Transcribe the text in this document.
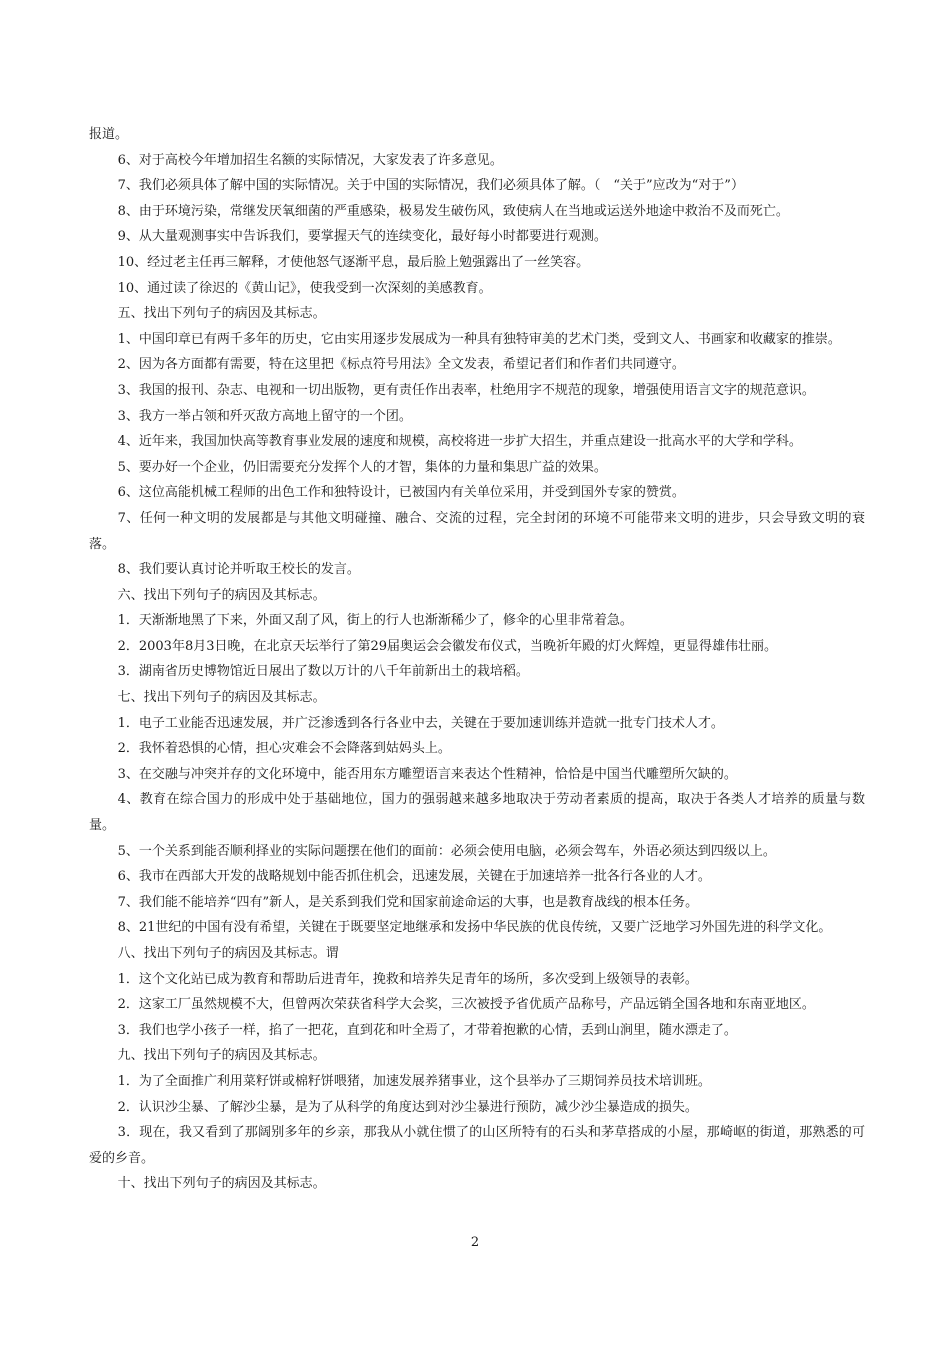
报道。

6、对于高校今年增加招生名额的实际情况，大家发表了许多意见。

7、我们必须具体了解中国的实际情况。关于中国的实际情况，我们必须具体了解。（　“关于”应改为“对于”）

8、由于环境污染，常继发厌氧细菌的严重感染，极易发生破伤风，致使病人在当地或运送外地途中救治不及而死亡。

9、从大量观测事实中告诉我们，要掌握天气的连续变化，最好每小时都要进行观测。

10、经过老主任再三解释，才使他怒气逐渐平息，最后脸上勉强露出了一丝笑容。

10、通过读了徐迟的《黄山记》，使我受到一次深刻的美感教育。

五、找出下列句子的病因及其标志。

1、中国印章已有两千多年的历史，它由实用逐步发展成为一种具有独特审美的艺术门类，受到文人、书画家和收藏家的推崇。

2、因为各方面都有需要，特在这里把《标点符号用法》全文发表，希望记者们和作者们共同遵守。

3、我国的报刊、杂志、电视和一切出版物，更有责任作出表率，杜绝用字不规范的现象，增强使用语言文字的规范意识。

3、我方一举占领和歼灭敌方高地上留守的一个团。

4、近年来，我国加快高等教育事业发展的速度和规模，高校将进一步扩大招生，并重点建设一批高水平的大学和学科。

5、要办好一个企业，仍旧需要充分发挥个人的才智，集体的力量和集思广益的效果。

6、这位高能机械工程师的出色工作和独特设计，已被国内有关单位采用，并受到国外专家的赞赏。

7、任何一种文明的发展都是与其他文明碰撞、融合、交流的过程，完全封闭的环境不可能带来文明的进步，只会导致文明的衰落。

8、我们要认真讨论并听取王校长的发言。

六、找出下列句子的病因及其标志。

1．天渐渐地黑了下来，外面又刮了风，街上的行人也渐渐稀少了，修伞的心里非常着急。

2．2003年8月3日晚，在北京天坛举行了第29届奥运会会徽发布仪式，当晚祈年殿的灯火辉煌，更显得雄伟壮丽。

3．湖南省历史博物馆近日展出了数以万计的八千年前新出土的栽培稻。

七、找出下列句子的病因及其标志。

1．电子工业能否迅速发展，并广泛渗透到各行各业中去，关键在于要加速训练并造就一批专门技术人才。

2．我怀着恐惧的心情，担心灾难会不会降落到姑妈头上。

3、在交融与冲突并存的文化环境中，能否用东方雕塑语言来表达个性精神，恰恰是中国当代雕塑所欠缺的。

4、教育在综合国力的形成中处于基础地位，国力的强弱越来越多地取决于劳动者素质的提高，取决于各类人才培养的质量与数量。

5、一个关系到能否顺利择业的实际问题摆在他们的面前：必须会使用电脑，必须会驾车，外语必须达到四级以上。

6、我市在西部大开发的战略规划中能否抓住机会，迅速发展，关键在于加速培养一批各行各业的人才。

7、我们能不能培养“四有”新人，是关系到我们党和国家前途命运的大事，也是教育战线的根本任务。

8、21世纪的中国有没有希望，关键在于既要坚定地继承和发扬中华民族的优良传统，又要广泛地学习外国先进的科学文化。

八、找出下列句子的病因及其标志。谓

1．这个文化站已成为教育和帮助后进青年，挽救和培养失足青年的场所，多次受到上级领导的表彰。

2．这家工厂虽然规模不大，但曾两次荣获省科学大会奖，三次被授予省优质产品称号，产品远销全国各地和东南亚地区。

3．我们也学小孩子一样，掐了一把花，直到花和叶全焉了，才带着抱歉的心情，丢到山涧里，随水漂走了。

九、找出下列句子的病因及其标志。

1．为了全面推广利用菜籽饼或棉籽饼喂猪，加速发展养猪事业，这个县举办了三期饲养员技术培训班。

2．认识沙尘暴、了解沙尘暴，是为了从科学的角度达到对沙尘暴进行预防，减少沙尘暴造成的损失。

3．现在，我又看到了那阔别多年的乡亲，那我从小就住惯了的山区所特有的石头和茅草搭成的小屋，那崎岖的街道，那熟悉的可爱的乡音。

十、找出下列句子的病因及其标志。

2
